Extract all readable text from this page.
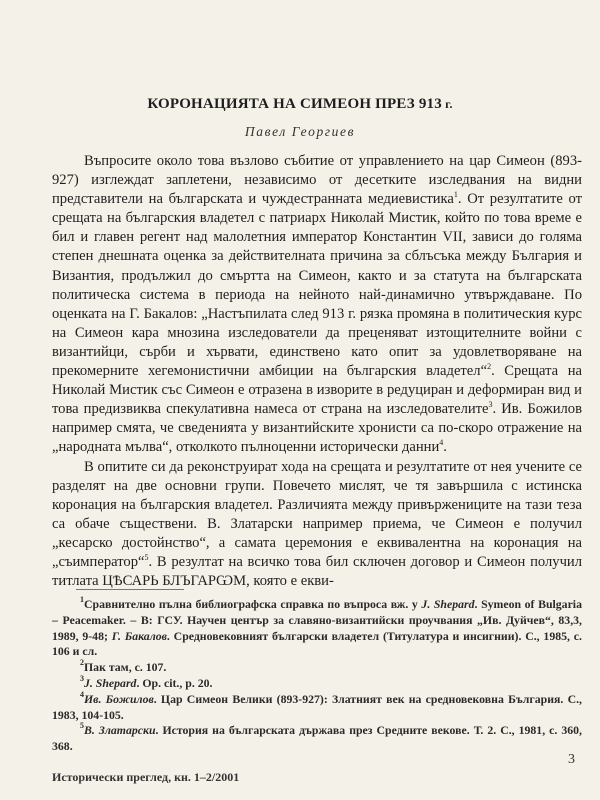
КОРОНАЦИЯТА НА СИМЕОН ПРЕЗ 913 г.
Павел Георгиев

Въпросите около това възлово събитие от управлението на цар Симеон (893-927) изглеждат заплетени, независимо от десетките изследвания на видни представители на българската и чуждестранната медиевистика$^1$. От резултатите от срещата на българския владетел с патриарх Николай Мистик, който по това време е бил и главен регент над малолетния император Константин VII, зависи до голяма степен днешната оценка за действителната причина за сблъсъка между България и Византия, продължил до смъртта на Симеон, както и за статута на българската политическа система в периода на нейното най-динамично утвърждаване. По оценката на Г. Бакалов: „Настъпилата след 913 г. рязка промяна в политическия курс на Симеон кара мнозина изследователи да преценяват изтощителните войни с византийци, сърби и хървати, единствено като опит за удовлетворяване на прекомерните хегемонистични амбиции на българския владетел“$^2$. Срещата на Николай Мистик със Симеон е отразена в изворите в редуциран и деформиран вид и това предизвиква спекулативна намеса от страна на изследователите$^3$. Ив. Божилов например смята, че сведенията у византийските хронисти са по-скоро отражение на „народната мълва“, отколкото пълноценни исторически данни$^4$.

В опитите си да реконструират хода на срещата и резултатите от нея учените се разделят на две основни групи. Повечето мислят, че тя завършила с истинска коронация на българския владетел. Различията между привържениците на тази теза са обаче съществени. В. Златарски например приема, че Симеон е получил „кесарско достойнство“, а самата церемония е еквивалентна на коронация на „съимператор“$^5$. В резултат на всичко това бил сключен договор и Симеон получил титлата ЦѢСАРЬ БЛЪГАРѠМ, която е екви-

$^1$Сравнително пълна библиографска справка по въпроса вж. у J. Shepard. Symeon of Bulgaria – Peacemaker. – В: ГСУ. Научен център за славяно-византийски проучвания „Ив. Дуйчев“, 83,3, 1989, 9-48; Г. Бакалов. Средновековният български владетел (Титулатура и инсигнии). С., 1985, с. 106 и сл.

$^2$Пак там, с. 107.

$^3$J. Shepard. Op. cit., p. 20.

$^4$Ив. Божилов. Цар Симеон Велики (893-927): Златният век на средновековна България. С., 1983, 104-105.

$^5$В. Златарски. История на българската държава през Средните векове. Т. 2. С., 1981, с. 360, 368.

3
Исторически преглед, кн. 1–2/2001
